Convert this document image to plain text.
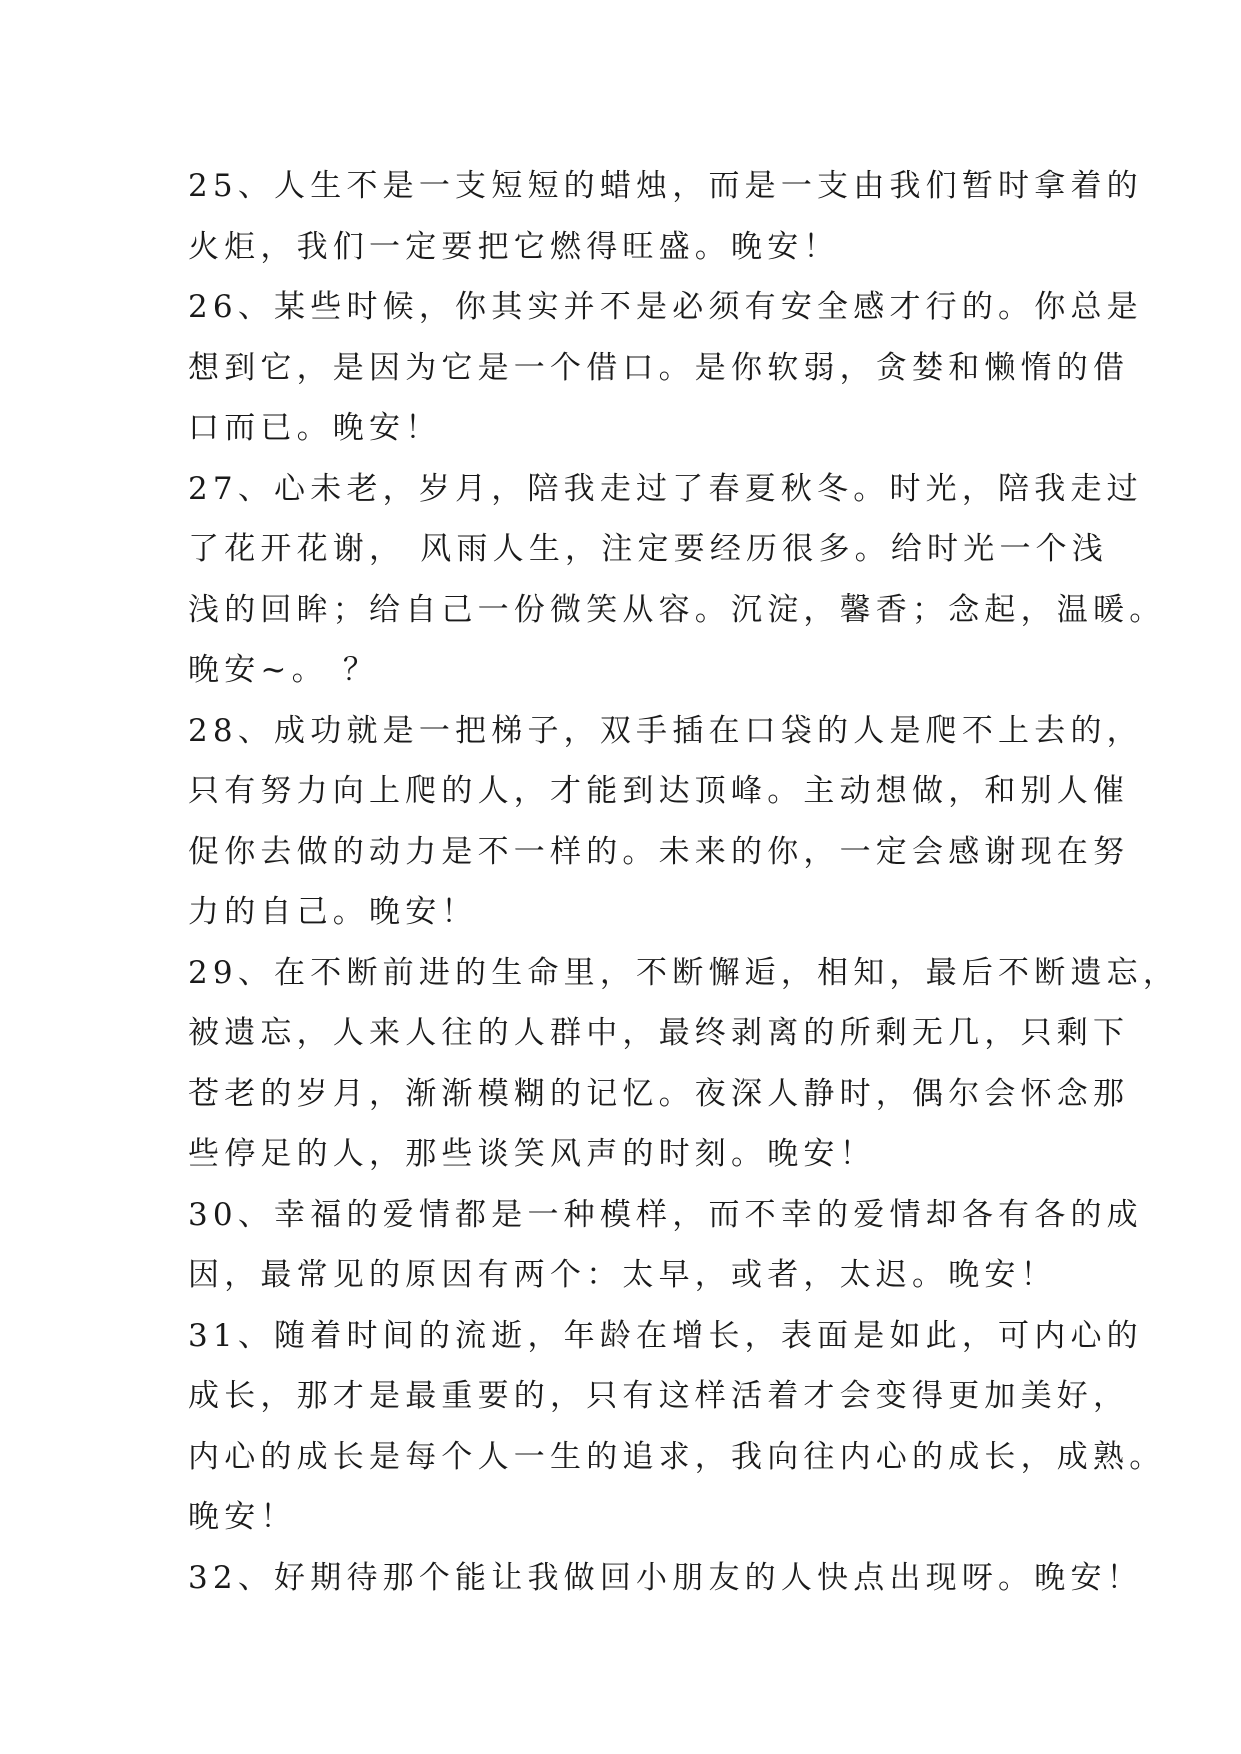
25、人生不是一支短短的蜡烛，而是一支由我们暂时拿着的
火炬，我们一定要把它燃得旺盛。晚安！
26、某些时候，你其实并不是必须有安全感才行的。你总是
想到它，是因为它是一个借口。是你软弱，贪婪和懒惰的借
口而已。晚安！
27、心未老，岁月，陪我走过了春夏秋冬。时光，陪我走过
了花开花谢， 风雨人生，注定要经历很多。给时光一个浅
浅的回眸；给自己一份微笑从容。沉淀，馨香；念起，温暖。
晚安~。 ？
28、成功就是一把梯子，双手插在口袋的人是爬不上去的，
只有努力向上爬的人，才能到达顶峰。主动想做，和别人催
促你去做的动力是不一样的。未来的你，一定会感谢现在努
力的自己。晚安！
29、在不断前进的生命里，不断懈逅，相知，最后不断遗忘，
被遗忘，人来人往的人群中，最终剥离的所剩无几，只剩下
苍老的岁月，渐渐模糊的记忆。夜深人静时，偶尔会怀念那
些停足的人，那些谈笑风声的时刻。晚安！
30、幸福的爱情都是一种模样，而不幸的爱情却各有各的成
因，最常见的原因有两个：太早，或者，太迟。晚安！
31、随着时间的流逝，年龄在增长，表面是如此，可内心的
成长，那才是最重要的，只有这样活着才会变得更加美好，
内心的成长是每个人一生的追求，我向往内心的成长，成熟。
晚安！
32、好期待那个能让我做回小朋友的人快点出现呀。晚安！
